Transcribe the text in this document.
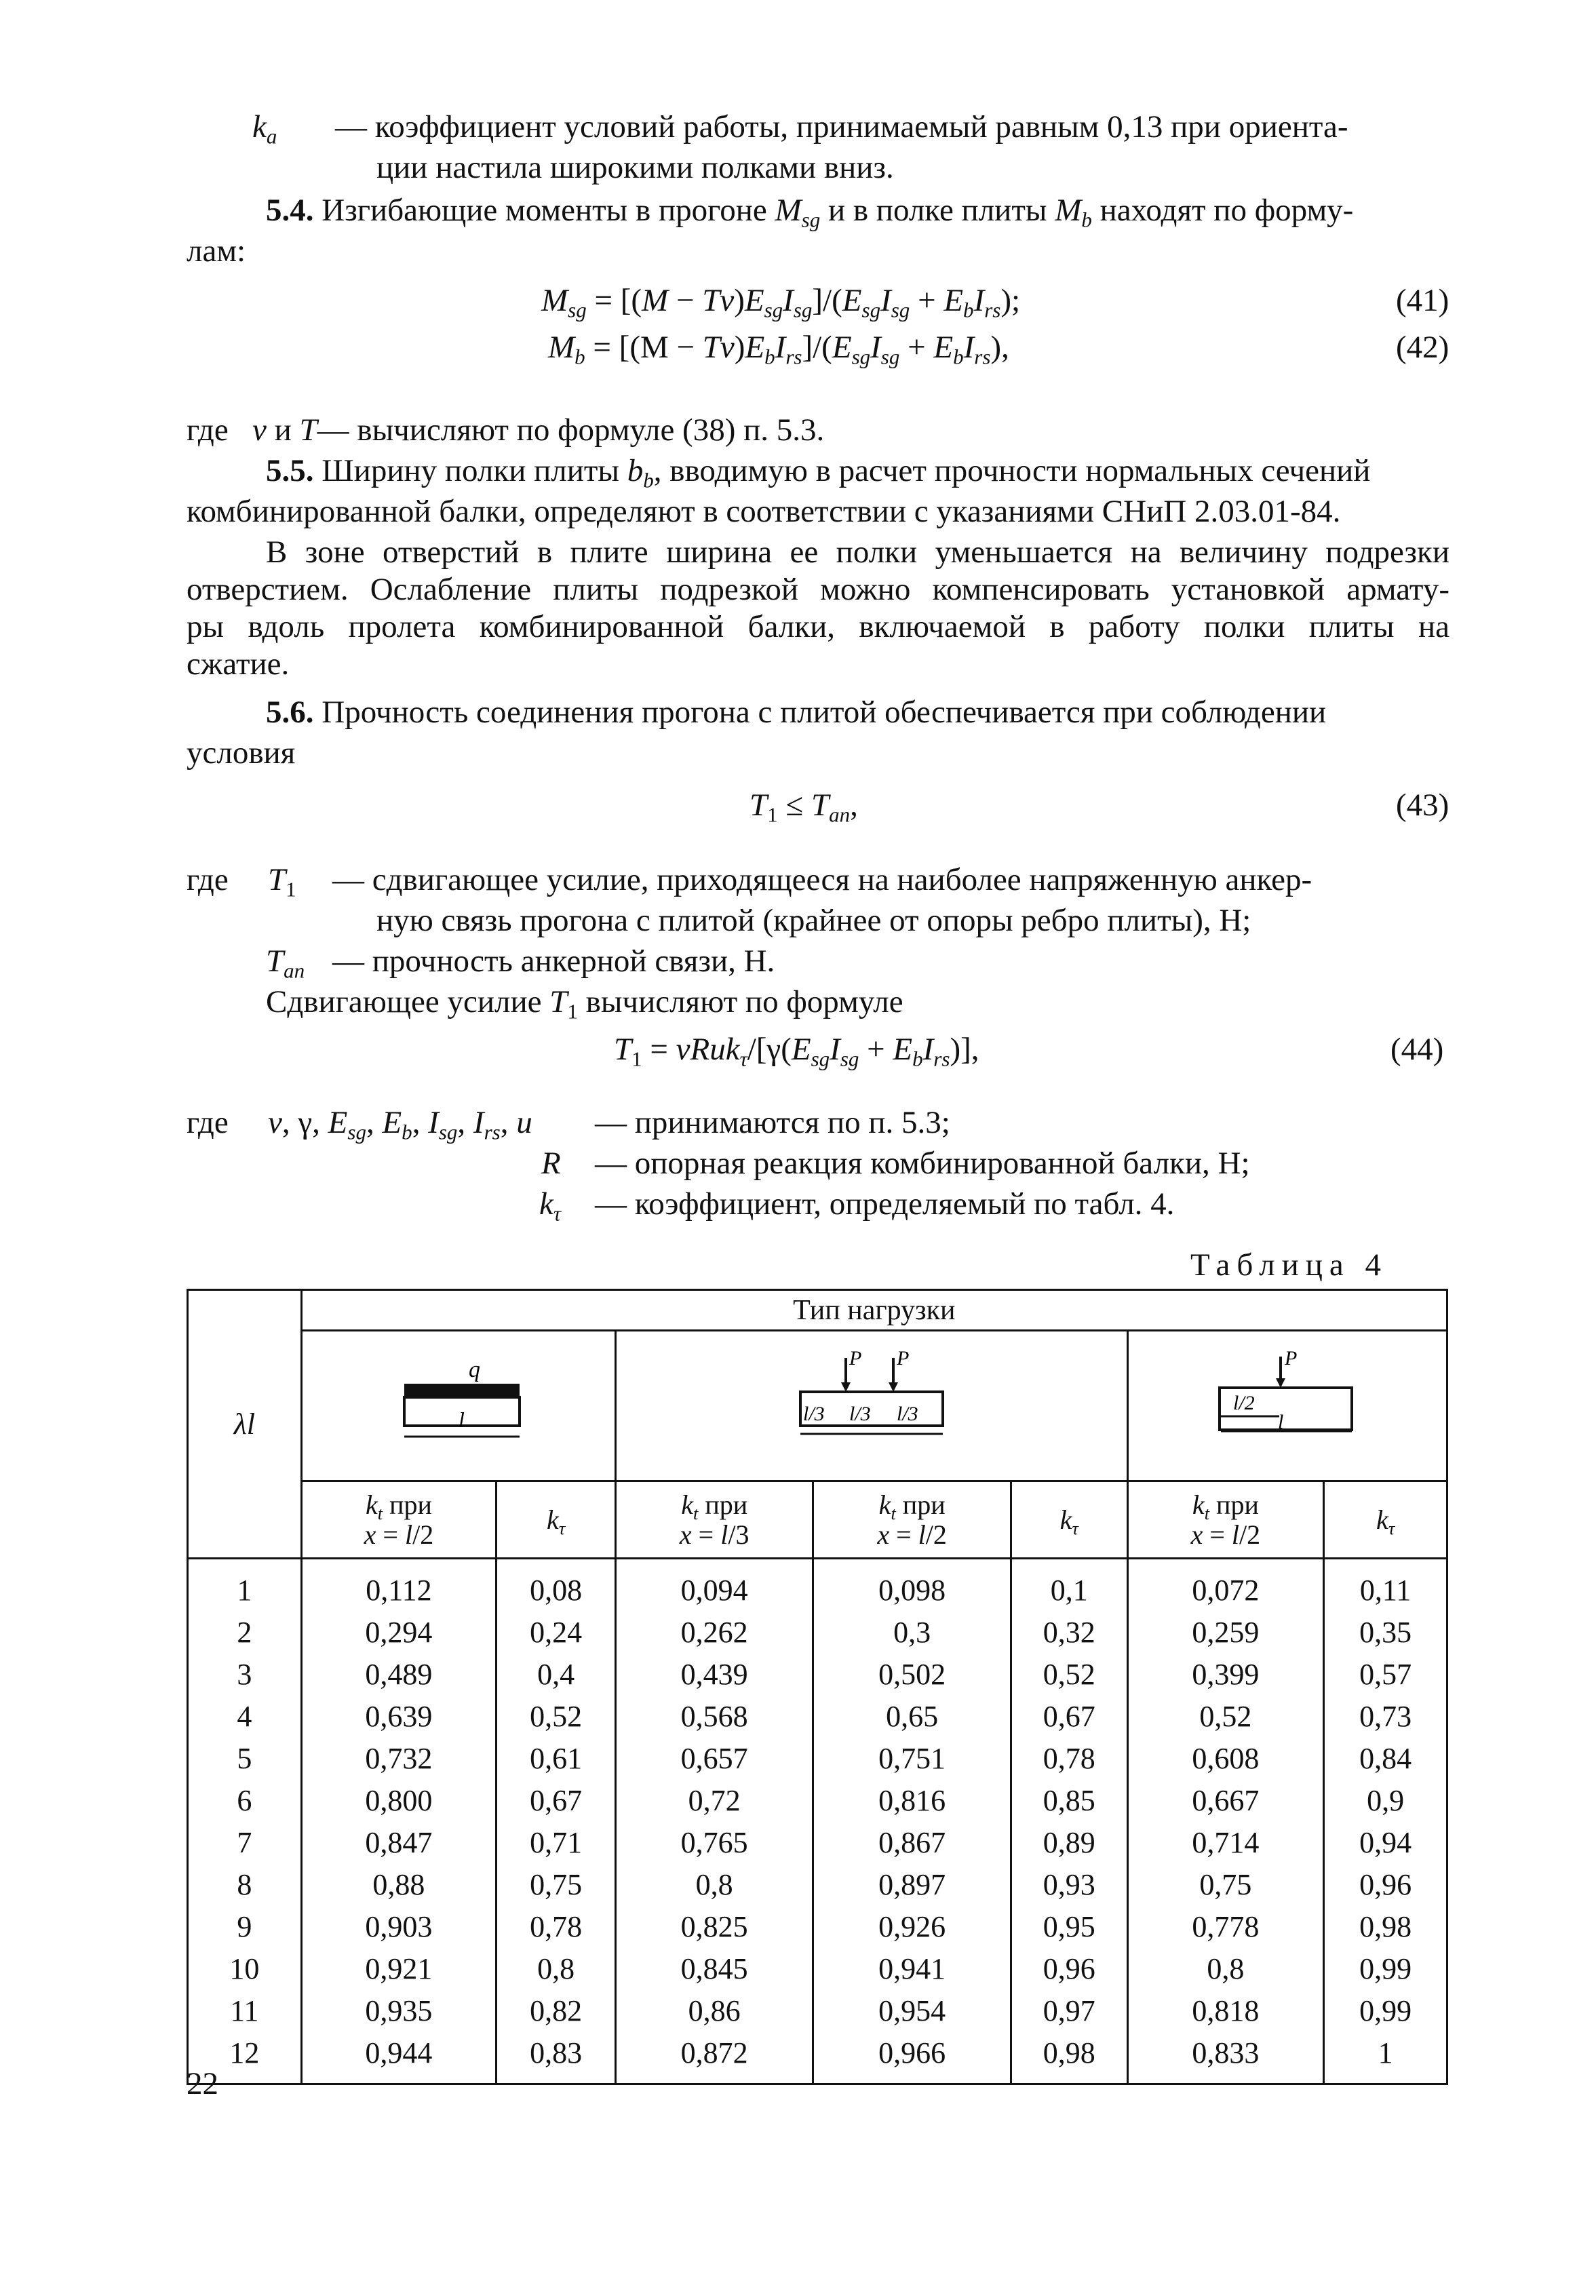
$k_a$ — коэффициент условий работы, принимаемый равным 0,13 при ориента-
ции настила широкими полками вниз.
5.4. Изгибающие моменты в прогоне $M_{sg}$ и в полке плиты $M_b$ находят по форму-
лам:
$M_{sg} = [(M - Tv)E_{sg}I_{sg}]/(E_{sg}I_{sg} + E_bI_{rs})$;	(41)
$M_b = [(M - Tv)E_bI_{rs}]/(E_{sg}I_{sg} + E_bI_{rs})$,	(42)
где v и T— вычисляют по формуле (38) п. 5.3.
5.5. Ширину полки плиты $b_b$, вводимую в расчет прочности нормальных сечений
комбинированной балки, определяют в соответствии с указаниями СНиП 2.03.01-84.
В зоне отверстий в плите ширина ее полки уменьшается на величину подрезки
отверстием. Ослабление плиты подрезкой можно компенсировать установкой армату-
ры вдоль пролета комбинированной балки, включаемой в работу полки плиты на
сжатие.
5.6. Прочность соединения прогона с плитой обеспечивается при соблюдении
условия
$T_1 \le T_{an}$,	(43)
где $T_1$ — сдвигающее усилие, приходящееся на наиболее напряженную анкер-
ную связь прогона с плитой (крайнее от опоры ребро плиты), Н;
$T_{an}$ — прочность анкерной связи, Н.
Сдвигающее усилие $T_1$ вычисляют по формуле
$T_1$ = $vRuk_\tau/[\gamma(E_{sg}I_{sg} + E_bI_{rs})]$,	(44)
где v, γ, $E_{sg}$, $E_b$, $I_{sg}$, $I_{rs}$, u — принимаются по п. 5.3;
R — опорная реакция комбинированной балки, Н;
$k_\tau$ — коэффициент, определяемый по табл. 4.
Таблица 4
λl	Тип нагрузки						

q
l		P P
l/3 l/3 l/3			P
l/2
l	

	$k_t$ при
x = l/2	$k_\tau$	$k_t$ при
x = l/3	$k_t$ при
x = l/2	$k_\tau$	$k_t$ при
x = l/2	$k_\tau$
1	0,112	0,08	0,094	0,098	0,1	0,072	0,11
2	0,294	0,24	0,262	0,3	0,32	0,259	0,35
3	0,489	0,4	0,439	0,502	0,52	0,399	0,57
4	0,639	0,52	0,568	0,65	0,67	0,52	0,73
5	0,732	0,61	0,657	0,751	0,78	0,608	0,84
6	0,800	0,67	0,72	0,816	0,85	0,667	0,9
7	0,847	0,71	0,765	0,867	0,89	0,714	0,94
8	0,88	0,75	0,8	0,897	0,93	0,75	0,96
9	0,903	0,78	0,825	0,926	0,95	0,778	0,98
10	0,921	0,8	0,845	0,941	0,96	0,8	0,99
11	0,935	0,82	0,86	0,954	0,97	0,818	0,99
12	0,944	0,83	0,872	0,966	0,98	0,833	1
22
